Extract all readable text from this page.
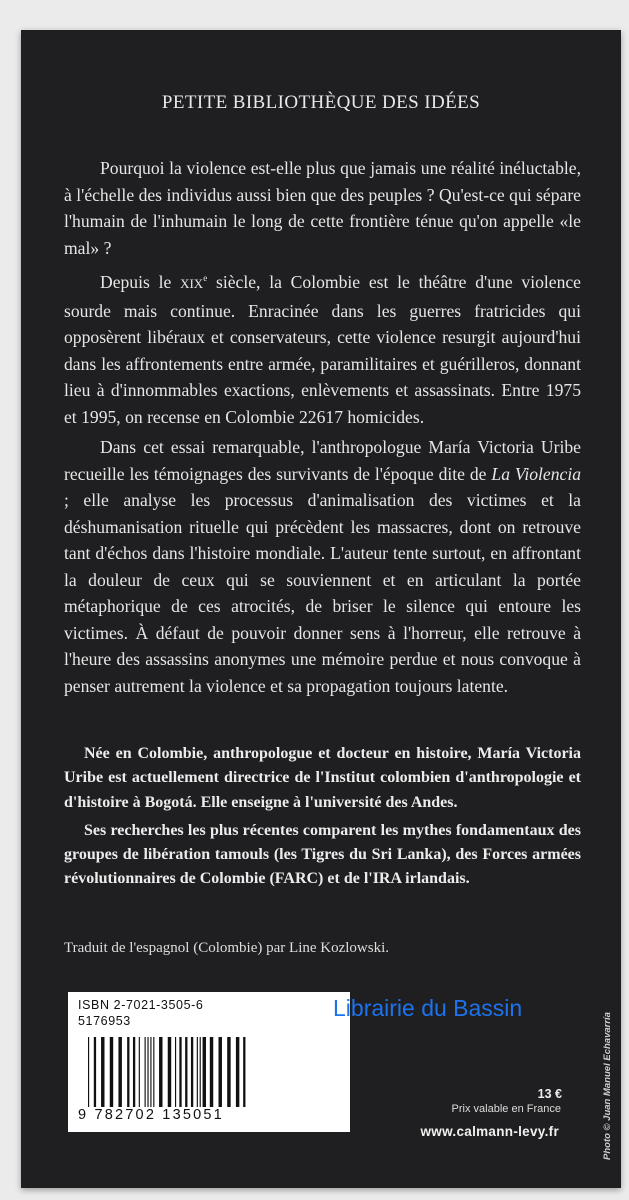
PETITE BIBLIOTHÈQUE DES IDÉES

Pourquoi la violence est-elle plus que jamais une réalité inéluctable, à l'échelle des individus aussi bien que des peuples ? Qu'est-ce qui sépare l'humain de l'inhumain le long de cette frontière ténue qu'on appelle «le mal» ?

Depuis le XIXe siècle, la Colombie est le théâtre d'une violence sourde mais continue. Enracinée dans les guerres fratricides qui opposèrent libéraux et conservateurs, cette violence resurgit aujourd'hui dans les affrontements entre armée, paramilitaires et guérilleros, donnant lieu à d'innommables exactions, enlèvements et assassinats. Entre 1975 et 1995, on recense en Colombie 22617 homicides.

Dans cet essai remarquable, l'anthropologue María Victoria Uribe recueille les témoignages des survivants de l'époque dite de La Violencia ; elle analyse les processus d'animalisation des victimes et la déshumanisation rituelle qui précèdent les massacres, dont on retrouve tant d'échos dans l'histoire mondiale. L'auteur tente surtout, en affrontant la douleur de ceux qui se souviennent et en articulant la portée métaphorique de ces atrocités, de briser le silence qui entoure les victimes. À défaut de pouvoir donner sens à l'horreur, elle retrouve à l'heure des assassins anonymes une mémoire perdue et nous convoque à penser autrement la violence et sa propagation toujours latente.

Née en Colombie, anthropologue et docteur en histoire, María Victoria Uribe est actuellement directrice de l'Institut colombien d'anthropologie et d'histoire à Bogotá. Elle enseigne à l'université des Andes.

Ses recherches les plus récentes comparent les mythes fondamentaux des groupes de libération tamouls (les Tigres du Sri Lanka), des Forces armées révolutionnaires de Colombie (FARC) et de l'IRA irlandais.

Traduit de l'espagnol (Colombie) par Line Kozlowski.
ISBN 2-7021-3505-6
5176953
9 782702 135051
Librairie du Bassin
13 €
Prix valable en France
www.calmann-levy.fr	Photo © Juan Manuel Echavarría
